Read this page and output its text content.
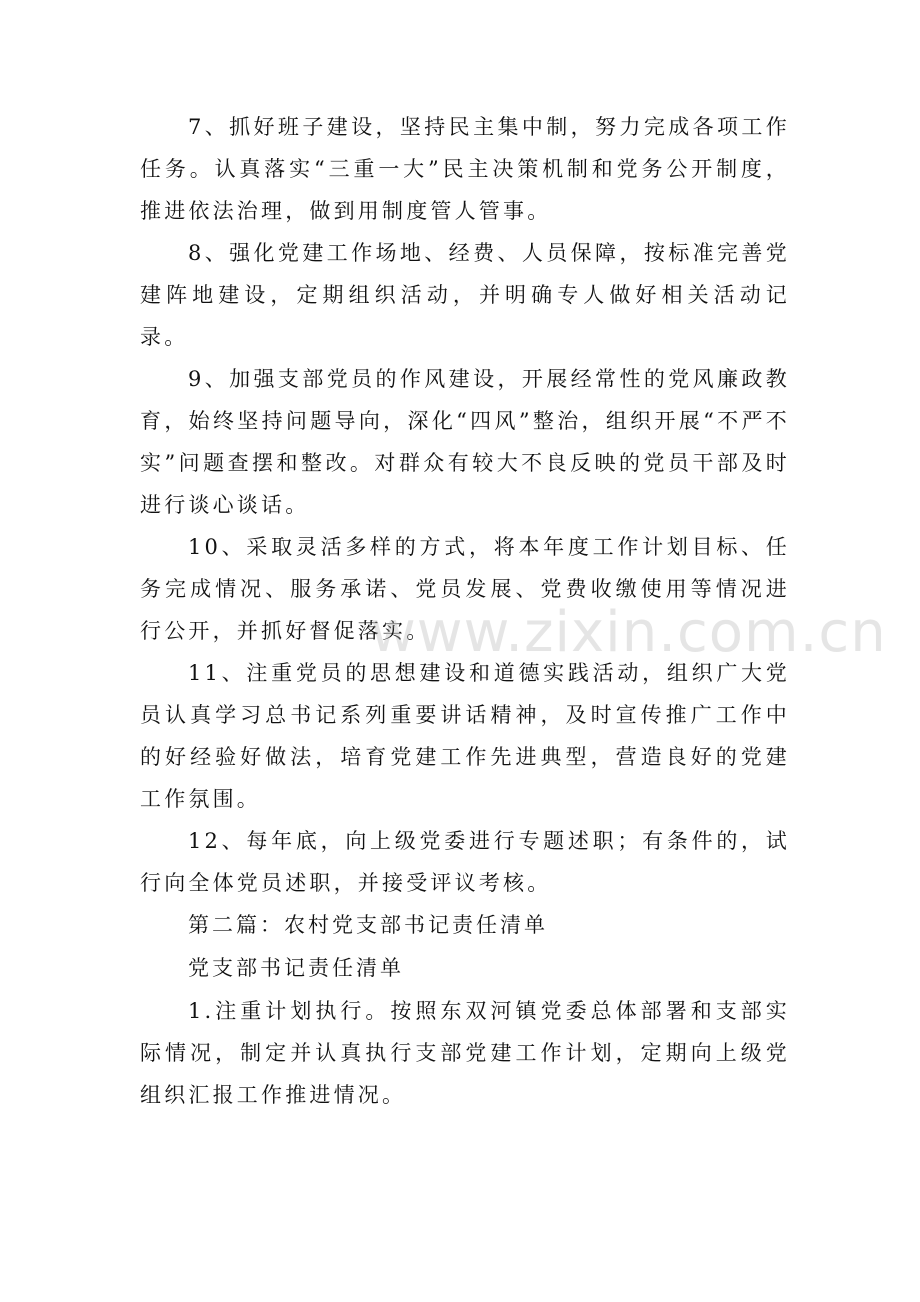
7、抓好班子建设，坚持民主集中制，努力完成各项工作任务。认真落实“三重一大”民主决策机制和党务公开制度，推进依法治理，做到用制度管人管事。

8、强化党建工作场地、经费、人员保障，按标准完善党建阵地建设，定期组织活动，并明确专人做好相关活动记录。

9、加强支部党员的作风建设，开展经常性的党风廉政教育，始终坚持问题导向，深化“四风”整治，组织开展“不严不实”问题查摆和整改。对群众有较大不良反映的党员干部及时进行谈心谈话。

10、采取灵活多样的方式，将本年度工作计划目标、任务完成情况、服务承诺、党员发展、党费收缴使用等情况进行公开，并抓好督促落实。

11、注重党员的思想建设和道德实践活动，组织广大党员认真学习总书记系列重要讲话精神，及时宣传推广工作中的好经验好做法，培育党建工作先进典型，营造良好的党建工作氛围。

12、每年底，向上级党委进行专题述职；有条件的，试行向全体党员述职，并接受评议考核。

第二篇：农村党支部书记责任清单

党支部书记责任清单

1.注重计划执行。按照东双河镇党委总体部署和支部实际情况，制定并认真执行支部党建工作计划，定期向上级党组织汇报工作推进情况。

www.zixin.com.cn
